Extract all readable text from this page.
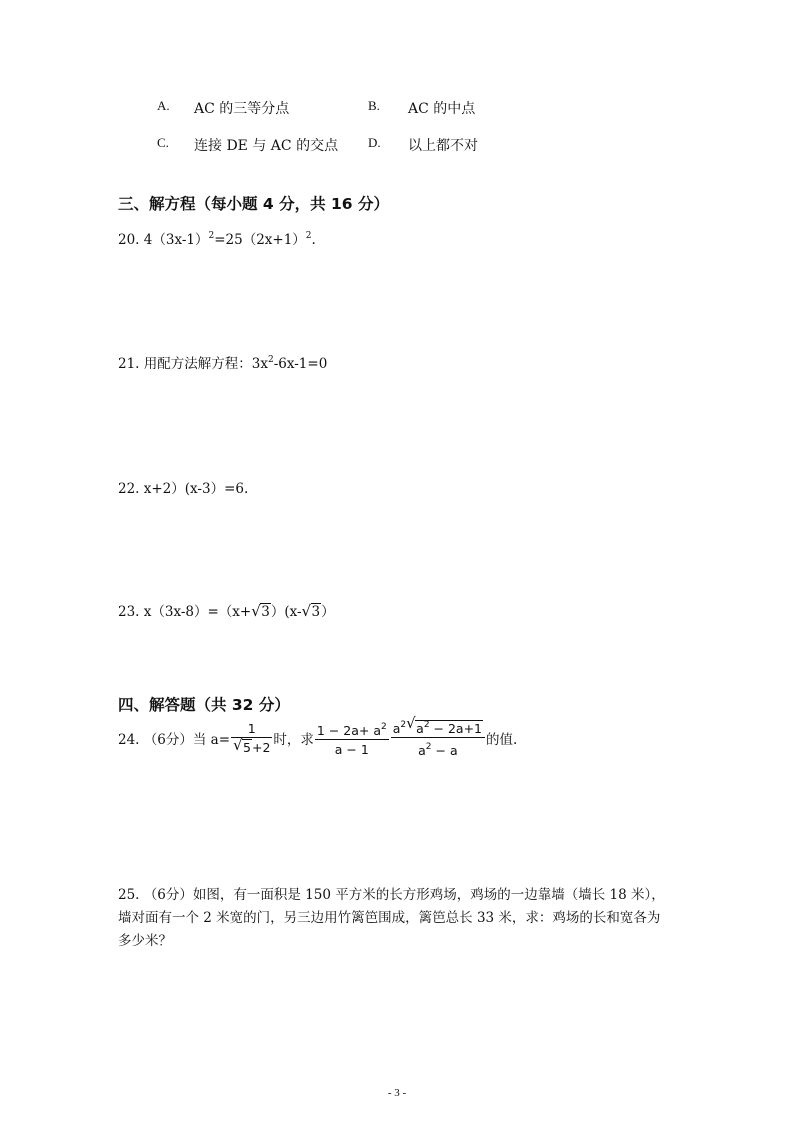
A. AC 的三等分点	B. AC 的中点
C. 连接 DE 与 AC 的交点 D. 以上都不对
三、解方程（每小题 4 分，共 16 分）
20. $4(3x-1)^2=25(2x+1)^2$.
21. 用配方法解方程：$3x^2-6x-1=0$
22. x+2）(x-3）=6.
23. x（3x-8）=（x+ √ 3）(x- √ 3）
四、解答题（共 32 分）
24. （6分）当 $a= \frac{1}{√ 5+2}$ 时，求 $\frac{1 - 2a+ a^2}{a - 1} \frac{a^2 √ a^2 - 2a+1}{a^2 - a}$ 的值.
25. （6分）如图，有一面积是 150 平方米的长方形鸡场，鸡场的一边靠墙（墙长 18 米），
墙对面有一个 2 米宽的门，另三边用竹篱笆围成，篱笆总长 33 米，求：鸡场的长和宽各为
多少米？
- 3 -
